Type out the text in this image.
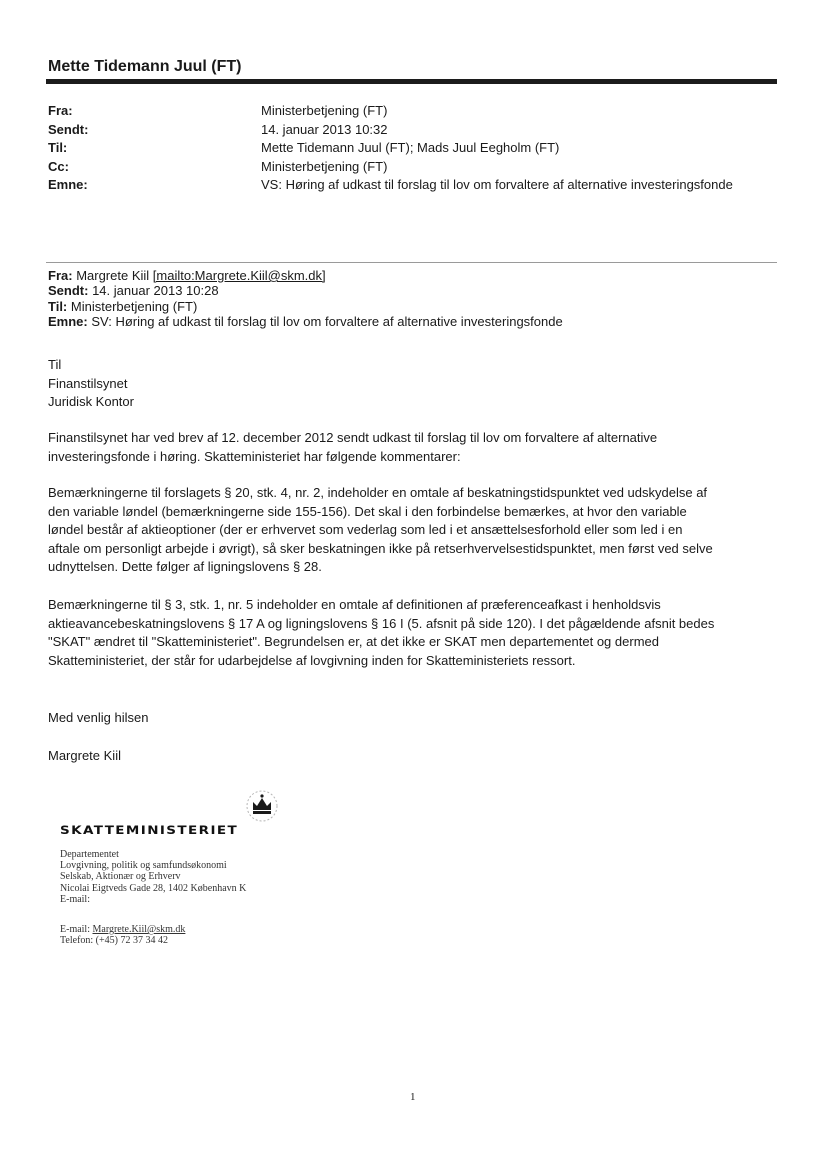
Mette Tidemann Juul (FT)
Fra:
Sendt:
Til:
Cc:
Emne:
Ministerbetjening (FT)
14. januar 2013 10:32
Mette Tidemann Juul (FT); Mads Juul Eegholm (FT)
Ministerbetjening (FT)
VS: Høring af udkast til forslag til lov om forvaltere af alternative investeringsfonde
Fra: Margrete Kiil [mailto:Margrete.Kiil@skm.dk]
Sendt: 14. januar 2013 10:28
Til: Ministerbetjening (FT)
Emne: SV: Høring af udkast til forslag til lov om forvaltere af alternative investeringsfonde
Til
Finanstilsynet
Juridisk Kontor
Finanstilsynet har ved brev af 12. december 2012 sendt udkast til forslag til lov om forvaltere af alternative
investeringsfonde i høring. Skatteministeriet har følgende kommentarer:
Bemærkningerne til forslagets § 20, stk. 4, nr. 2, indeholder en omtale af beskatningstidspunktet ved udskydelse af
den variable løndel (bemærkningerne side 155-156). Det skal i den forbindelse bemærkes, at hvor den variable
løndel består af aktieoptioner (der er erhvervet som vederlag som led i et ansættelsesforhold eller som led i en
aftale om personligt arbejde i øvrigt), så sker beskatningen ikke på retserhvervelsestidspunktet, men først ved selve
udnyttelsen. Dette følger af ligningslovens § 28.
Bemærkningerne til § 3, stk. 1, nr. 5 indeholder en omtale af definitionen af præferenceafkast i henholdsvis
aktieavancebeskatningslovens § 17 A og ligningslovens § 16 I (5. afsnit på side 120). I det pågældende afsnit bedes
"SKAT" ændret til "Skatteministeriet". Begrundelsen er, at det ikke er SKAT men departementet og dermed
Skatteministeriet, der står for udarbejdelse af lovgivning inden for Skatteministeriets ressort.
Med venlig hilsen
Margrete Kiil
SKATTEMINISTERIET
Departementet
Lovgivning, politik og samfundsøkonomi
Selskab, Aktionær og Erhverv
Nicolai Eigtveds Gade 28, 1402 København K
E-mail:
E-mail: Margrete.Kiil@skm.dk
Telefon: (+45) 72 37 34 42
1
